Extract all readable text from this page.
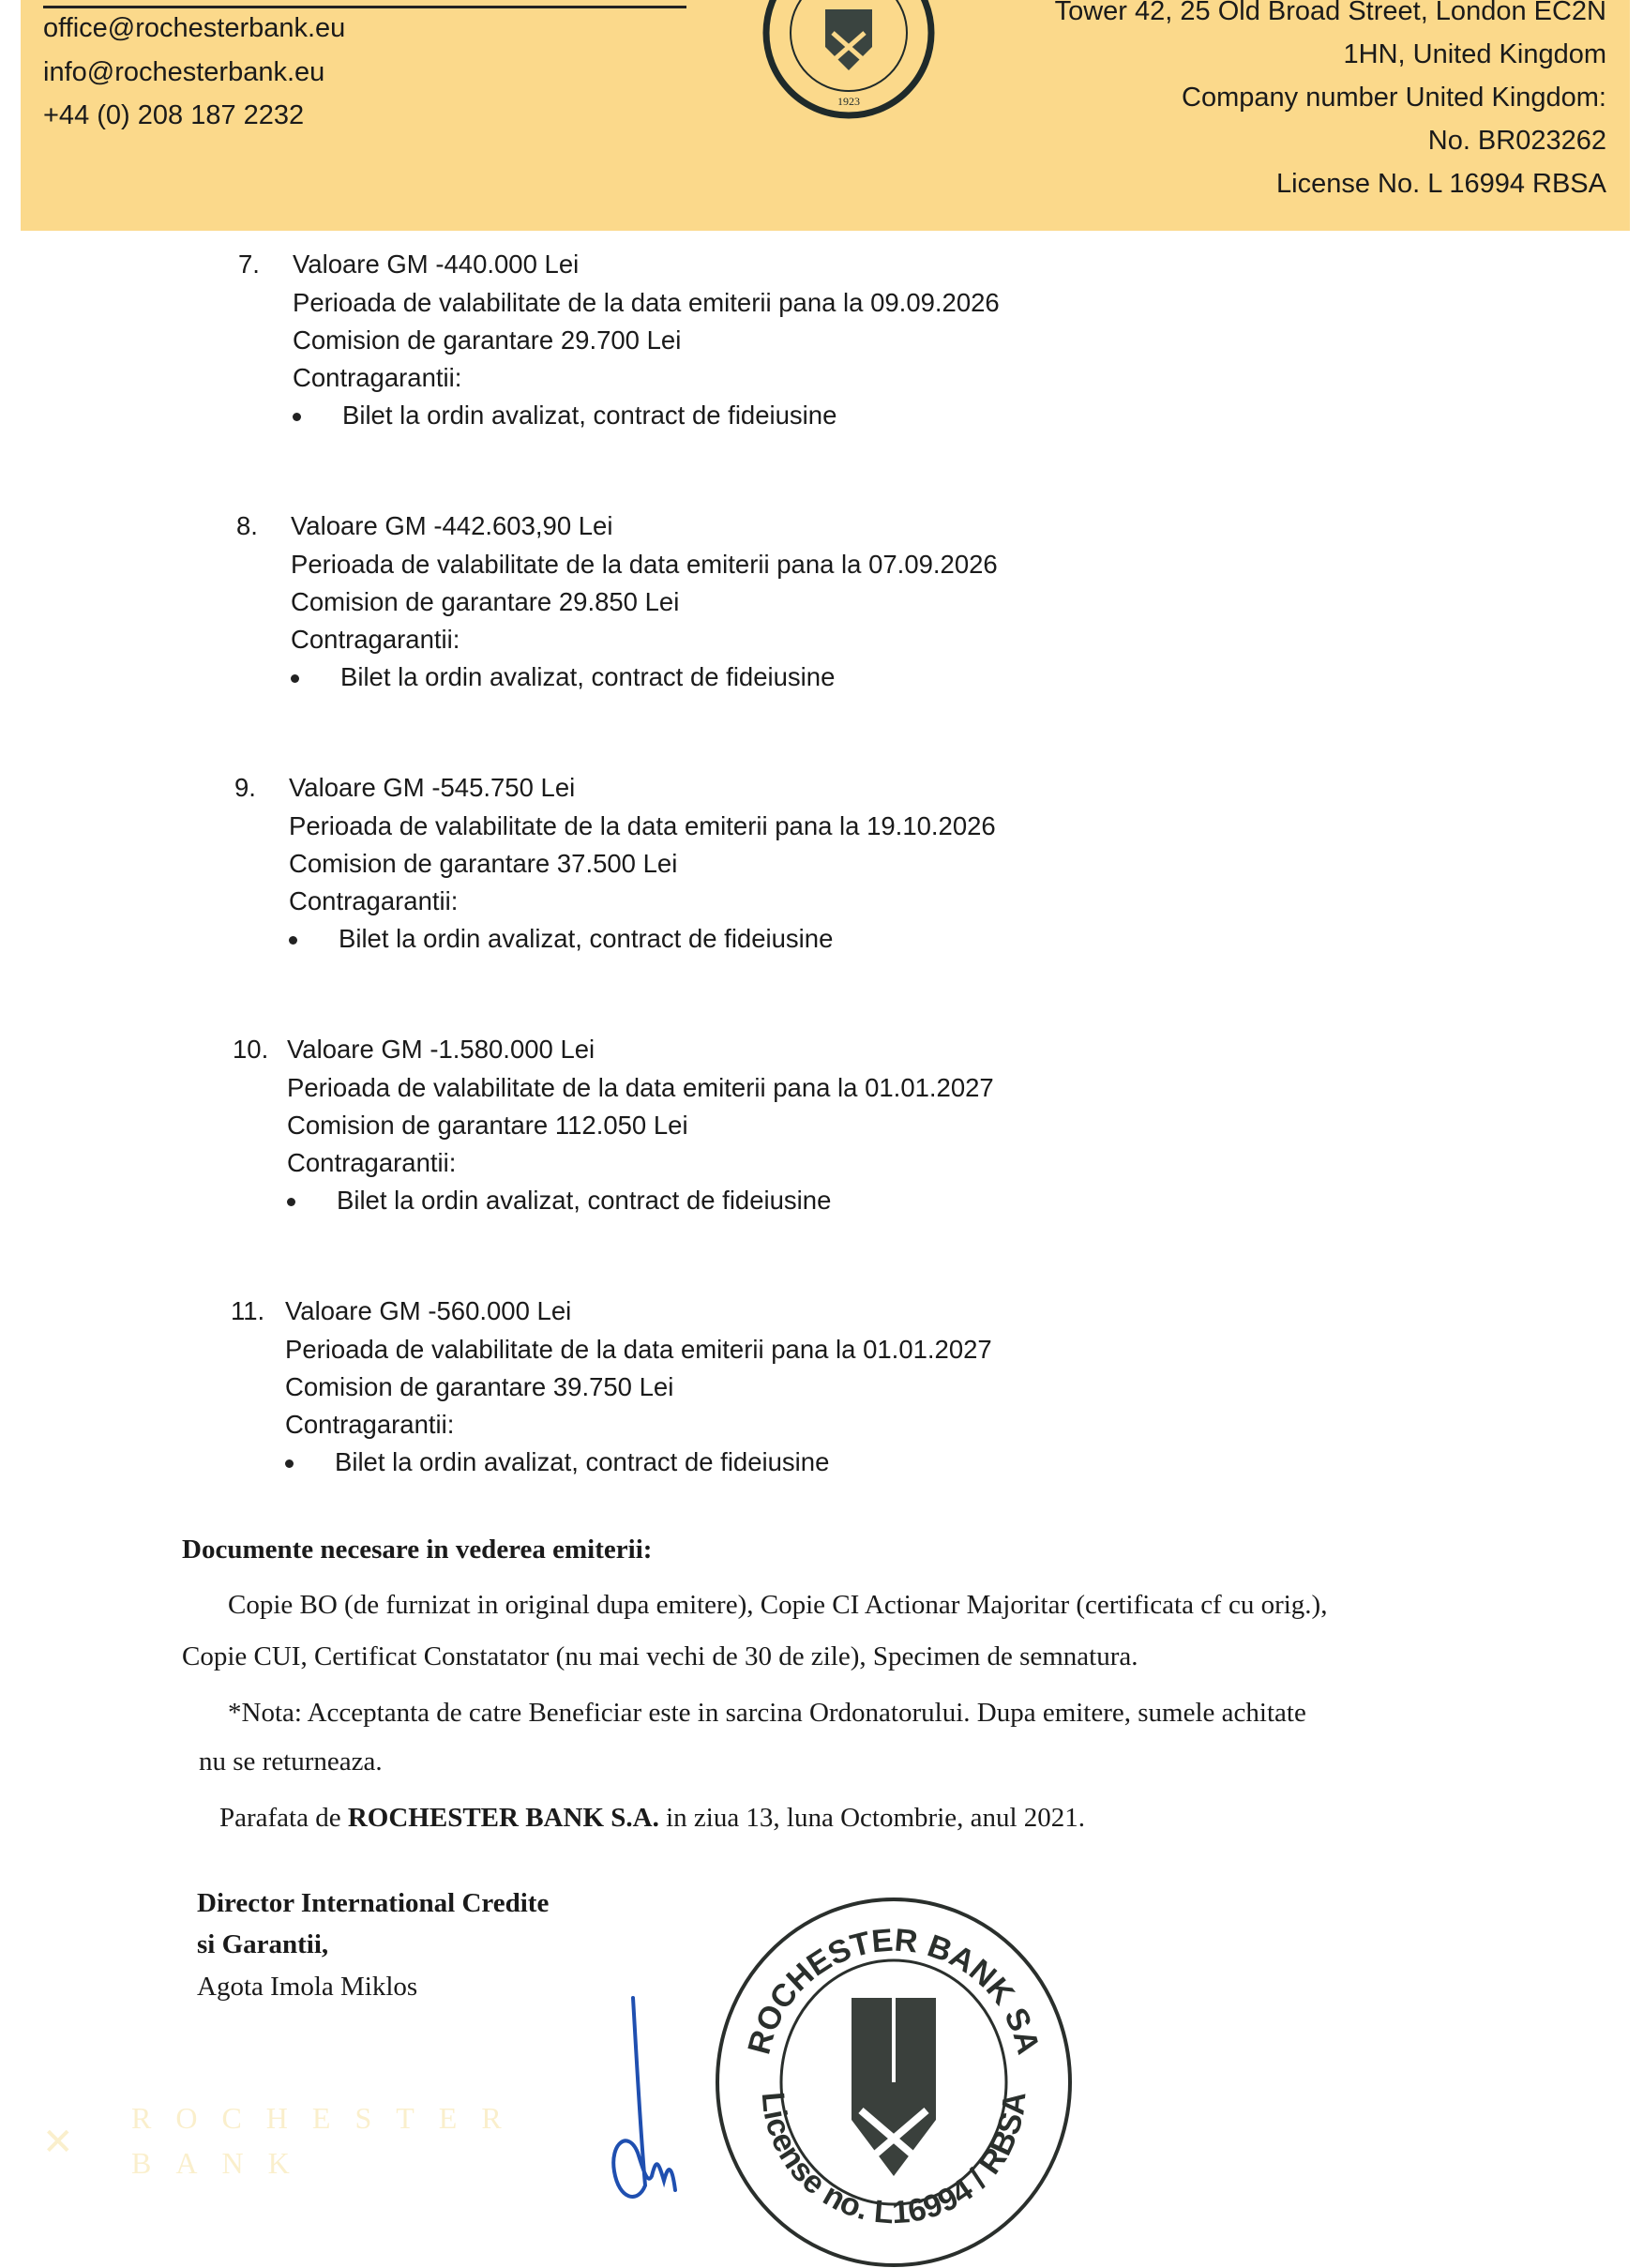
office@rochesterbank.eu
info@rochesterbank.eu
+44 (0) 208 187 2232
Tower 42, 25 Old Broad Street, London EC2N
1HN, United Kingdom
Company number United Kingdom:
No. BR023262
License No. L 16994 RBSA
1923
7. Valoare GM -440.000 Lei
Perioada de valabilitate de la data emiterii pana la 09.09.2026
Comision de garantare 29.700 Lei
Contragarantii:
Bilet la ordin avalizat, contract de fideiusine
8. Valoare GM -442.603,90 Lei
Perioada de valabilitate de la data emiterii pana la 07.09.2026
Comision de garantare 29.850 Lei
Contragarantii:
Bilet la ordin avalizat, contract de fideiusine
9. Valoare GM -545.750 Lei
Perioada de valabilitate de la data emiterii pana la 19.10.2026
Comision de garantare 37.500 Lei
Contragarantii:
Bilet la ordin avalizat, contract de fideiusine
10. Valoare GM -1.580.000 Lei
Perioada de valabilitate de la data emiterii pana la 01.01.2027
Comision de garantare 112.050 Lei
Contragarantii:
Bilet la ordin avalizat, contract de fideiusine
11. Valoare GM -560.000 Lei
Perioada de valabilitate de la data emiterii pana la 01.01.2027
Comision de garantare 39.750 Lei
Contragarantii:
Bilet la ordin avalizat, contract de fideiusine
Documente necesare in vederea emiterii:
Copie BO (de furnizat in original dupa emitere), Copie CI Actionar Majoritar (certificata cf cu orig.),
Copie CUI, Certificat Constatator (nu mai vechi de 30 de zile), Specimen de semnatura.
*Nota: Acceptanta de catre Beneficiar este in sarcina Ordonatorului. Dupa emitere, sumele achitate
nu se returneaza.
Parafata de ROCHESTER BANK S.A. in ziua 13, luna Octombrie, anul 2021.
Director International Credite
si Garantii,
Agota Imola Miklos
✕
ROCHESTER
BANK
ROCHESTER BANK SA
License no. L16994 / RBSA
